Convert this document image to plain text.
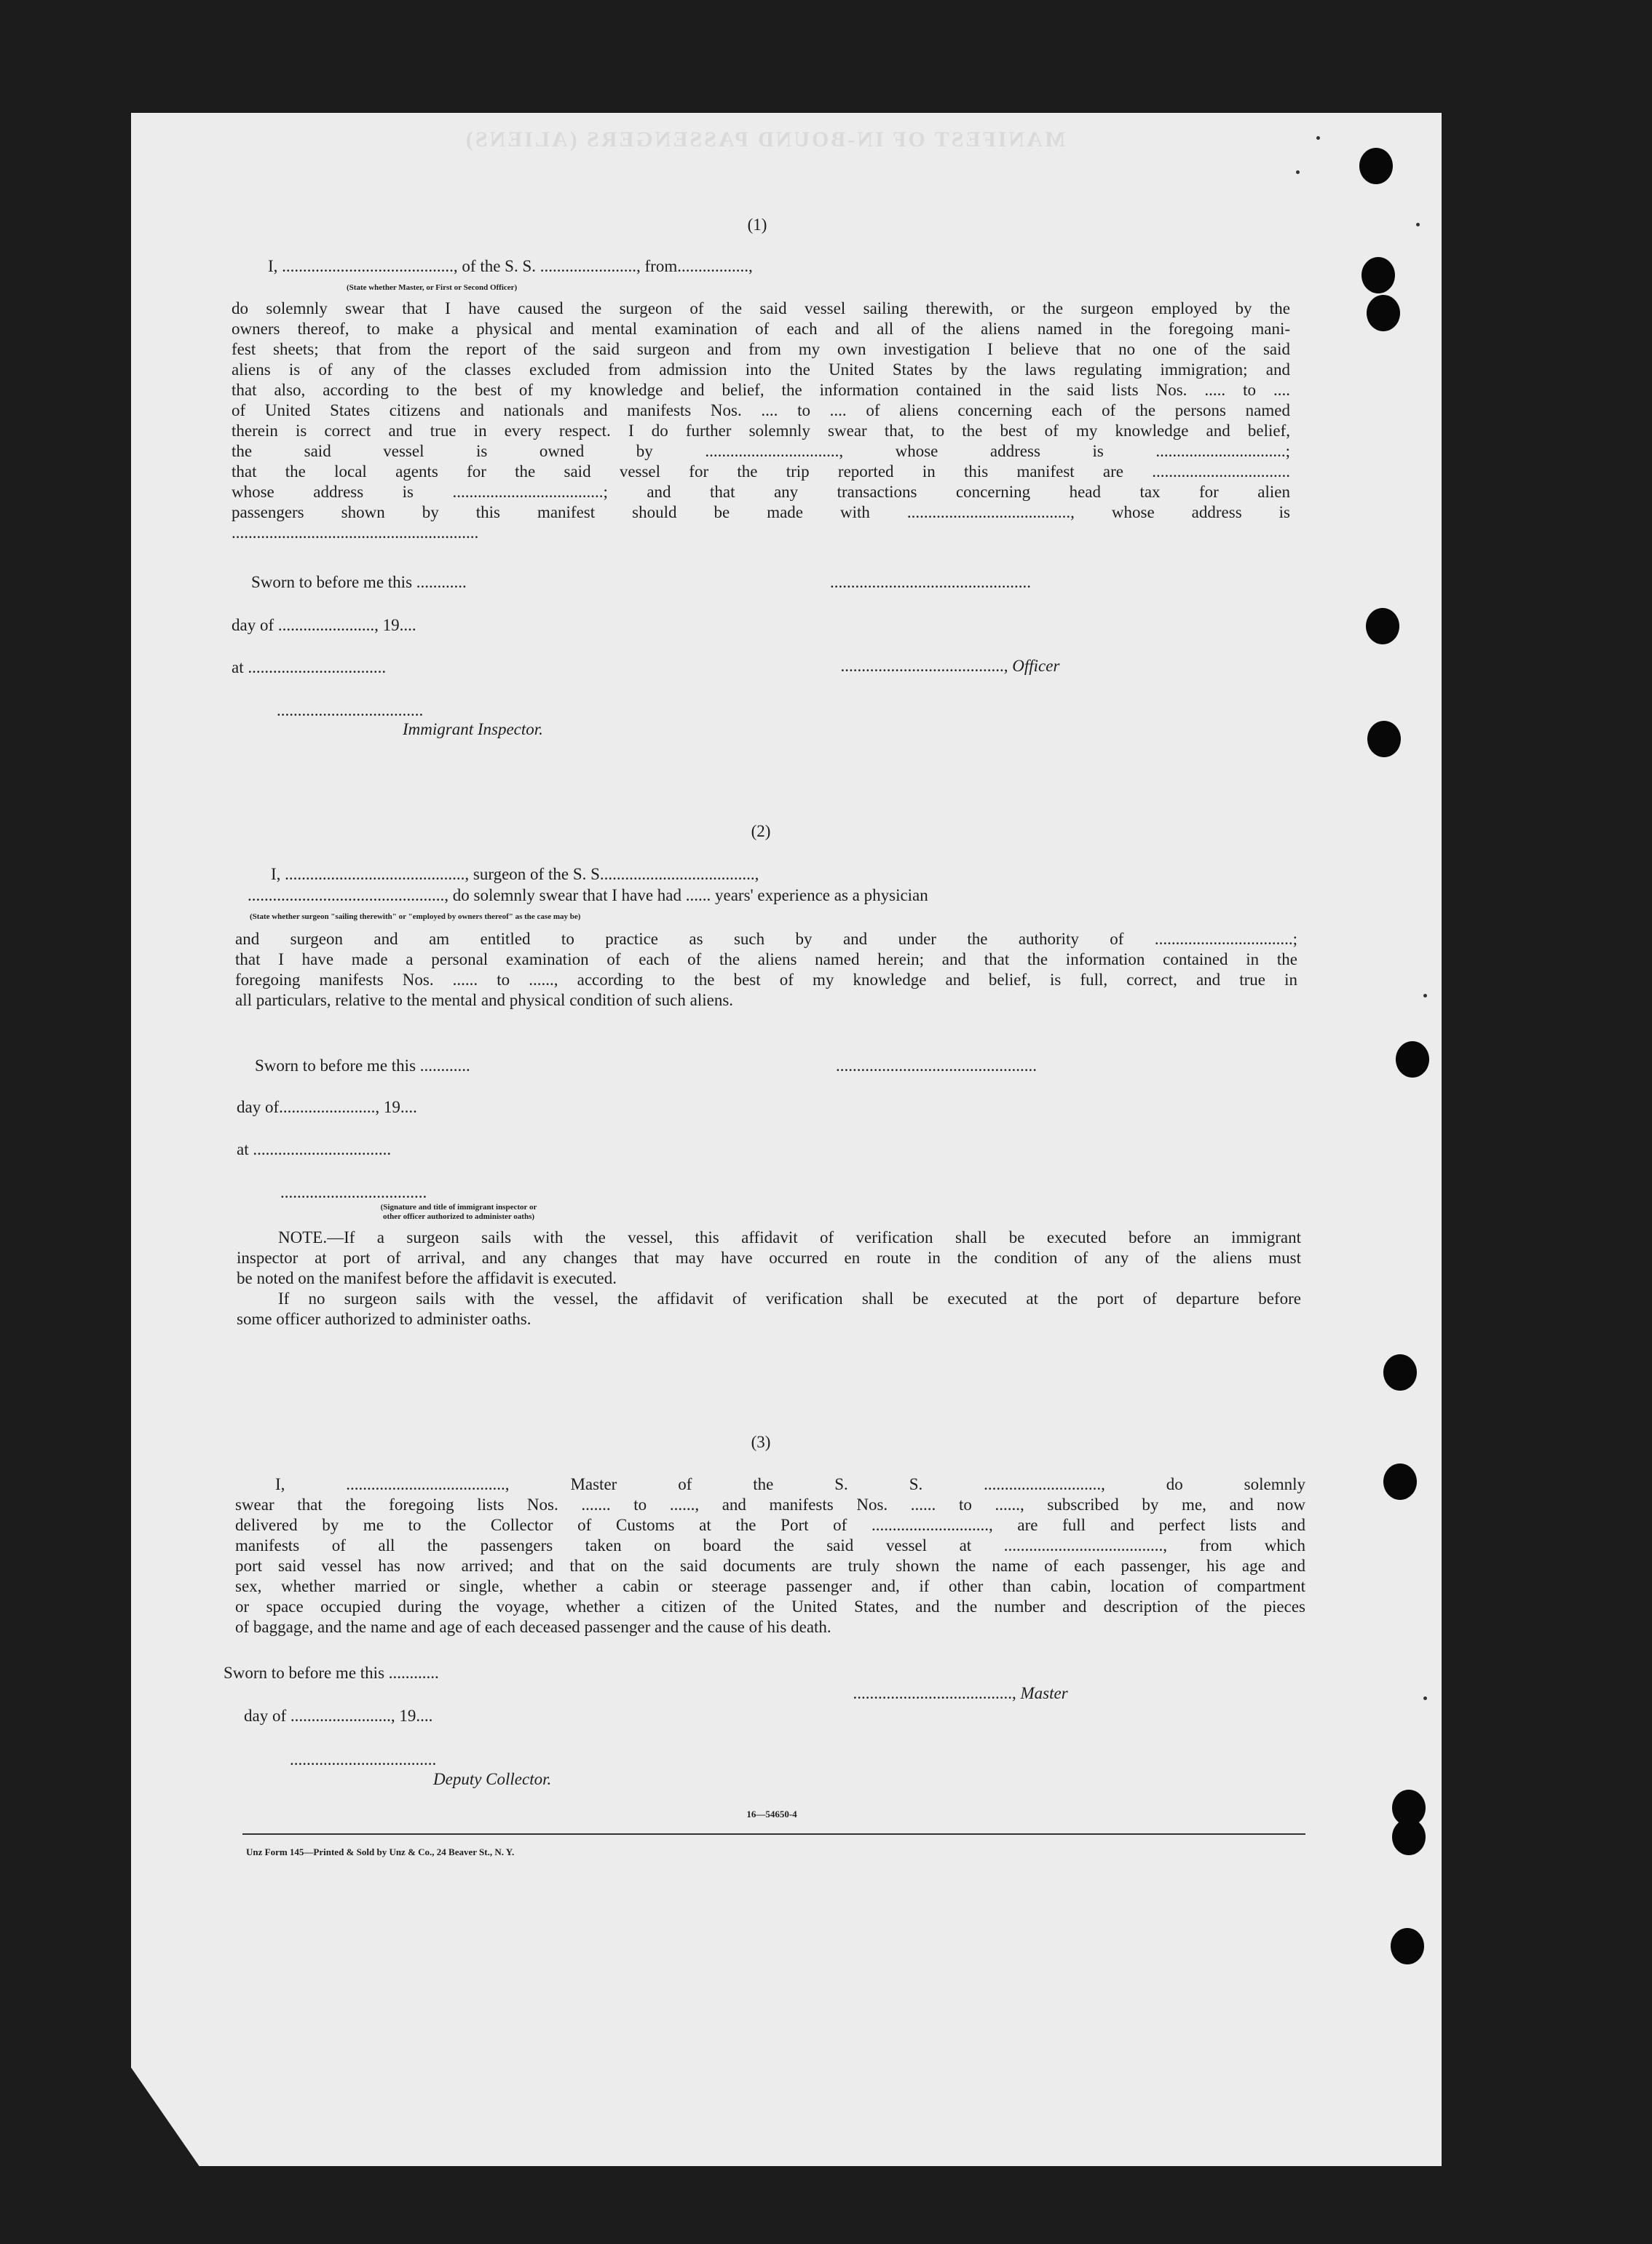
MANIFEST OF IN-BOUND PASSENGERS (ALIENS)
(1)
I, ........................................., of the S. S. ......................., from.................,
(State whether Master, or First or Second Officer)
do solemnly swear that I have caused the surgeon of the said vessel sailing therewith, or the surgeon employed by the
owners thereof, to make a physical and mental examination of each and all of the aliens named in the foregoing mani-
fest sheets; that from the report of the said surgeon and from my own investigation I believe that no one of the said
aliens is of any of the classes excluded from admission into the United States by the laws regulating immigration; and
that also, according to the best of my knowledge and belief, the information contained in the said lists Nos. ..... to ....
of United States citizens and nationals and manifests Nos. .... to .... of aliens concerning each of the persons named
therein is correct and true in every respect. I do further solemnly swear that, to the best of my knowledge and belief,
the said vessel is owned by ................................, whose address is ...............................;
that the local agents for the said vessel for the trip reported in this manifest are .................................
whose address is ....................................; and that any transactions concerning head tax for alien
passengers shown by this manifest should be made with ......................................., whose address is
...........................................................
Sworn to before me this ............	................................................
day of ......................., 19....

......................................., Officer

at .................................
...................................
Immigrant Inspector.
(2)
I, ..........................................., surgeon of the S. S.....................................,
..............................................., do solemnly swear that I have had ...... years' experience as a physician
(State whether surgeon "sailing therewith" or "employed by owners thereof" as the case may be)
and surgeon and am entitled to practice as such by and under the authority of .................................;
that I have made a personal examination of each of the aliens named herein; and that the information contained in the
foregoing manifests Nos. ...... to ......, according to the best of my knowledge and belief, is full, correct, and true in
all particulars, relative to the mental and physical condition of such aliens.
Sworn to before me this ............	................................................
day of......................., 19....
at .................................
...................................
(Signature and title of immigrant inspector or
other officer authorized to administer oaths)
NOTE.—If a surgeon sails with the vessel, this affidavit of verification shall be executed before an immigrant
inspector at port of arrival, and any changes that may have occurred en route in the condition of any of the aliens must
be noted on the manifest before the affidavit is executed.
If no surgeon sails with the vessel, the affidavit of verification shall be executed at the port of departure before
some officer authorized to administer oaths.
(3)
I, ......................................, Master of the S. S. ............................, do solemnly
swear that the foregoing lists Nos. ....... to ......, and manifests Nos. ...... to ......, subscribed by me, and now
delivered by me to the Collector of Customs at the Port of ............................, are full and perfect lists and
manifests of all the passengers taken on board the said vessel at ......................................, from which
port said vessel has now arrived; and that on the said documents are truly shown the name of each passenger, his age and
sex, whether married or single, whether a cabin or steerage passenger and, if other than cabin, location of compartment
or space occupied during the voyage, whether a citizen of the United States, and the number and description of the pieces
of baggage, and the name and age of each deceased passenger and the cause of his death.
Sworn to before me this ............

......................................, Master

day of ........................, 19....
...................................
Deputy Collector.
16—54650-4
Unz Form 145—Printed & Sold by Unz & Co., 24 Beaver St., N. Y.
